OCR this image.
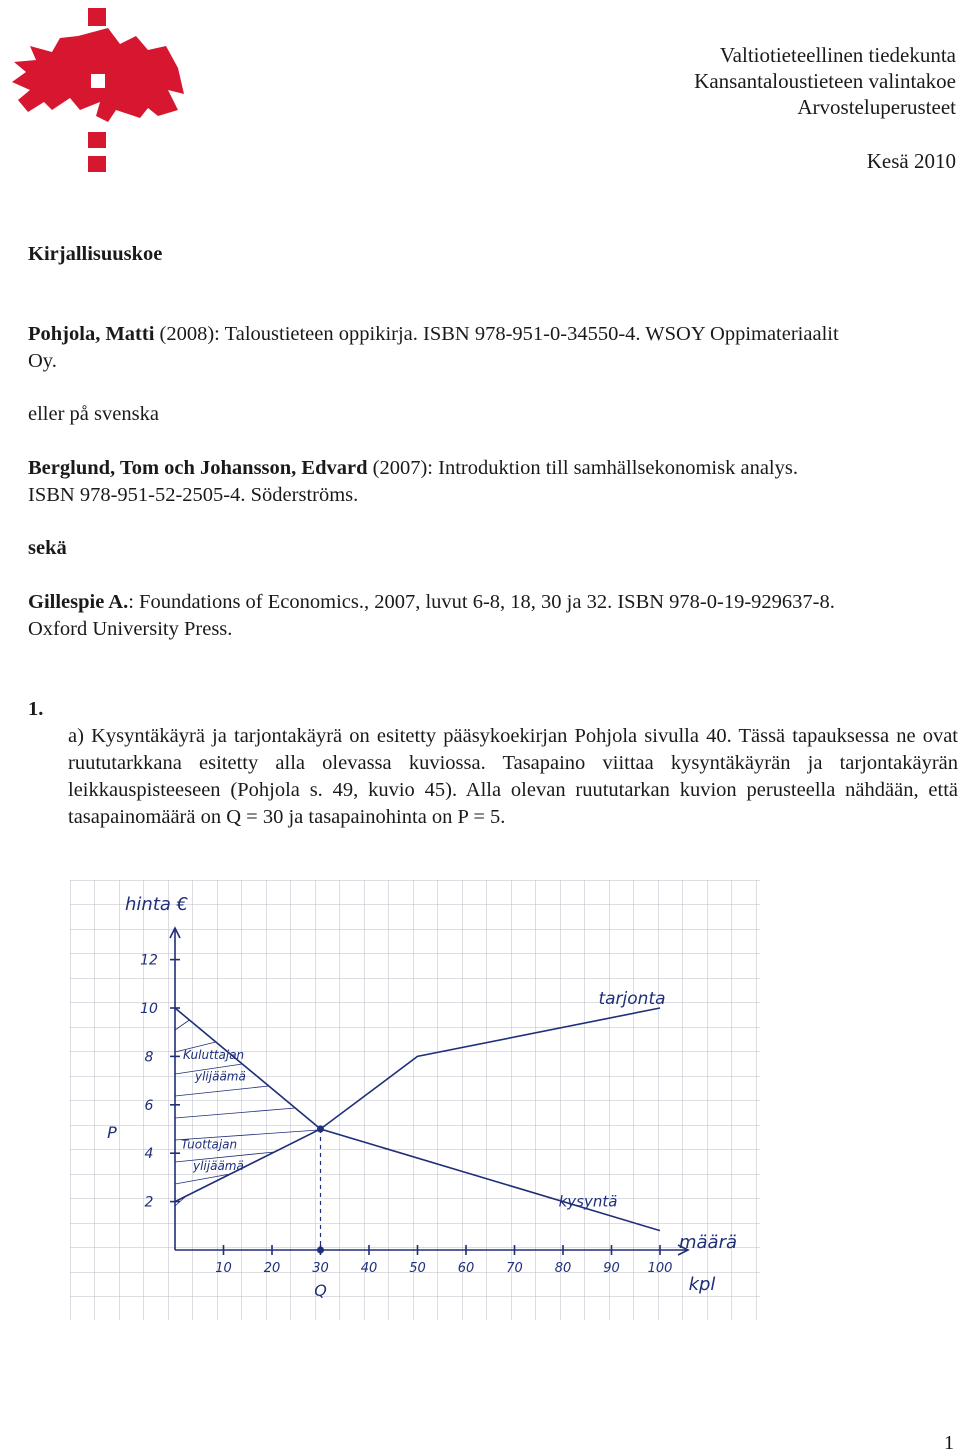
Valtiotieteellinen tiedekunta
Kansantaloustieteen valintakoe
Arvosteluperusteet
Kesä 2010
Kirjallisuuskoe
Pohjola, Matti (2008): Taloustieteen oppikirja. ISBN 978-951-0-34550-4. WSOY Oppimateriaalit
Oy.
eller på svenska
Berglund, Tom och Johansson, Edvard (2007): Introduktion till samhällsekonomisk analys.
ISBN 978-951-52-2505-4. Söderströms.
sekä
Gillespie A.: Foundations of Economics., 2007, luvut 6-8, 18, 30 ja 32. ISBN 978-0-19-929637-8.
Oxford University Press.
1.
a) Kysyntäkäyrä ja tarjontakäyrä on esitetty pääsykoekirjan Pohjola sivulla 40. Tässä tapauksessa ne ovat ruututarkkana esitetty alla olevassa kuviossa. Tasapaino viittaa kysyntäkäyrän ja tarjontakäyrän leikkauspisteeseen (Pohjola s. 49, kuvio 45). Alla olevan ruututarkan kuvion perusteella nähdään, että tasapainomäärä on Q = 30 ja tasapainohinta on P = 5.
2
4
6
8
10
12
10 20 30 40 50 60 70 80 90 100
hinta €
P
Q
määrä
kpl
tarjonta
kysyntä
Kuluttajan
ylijäämä
Tuottajan
ylijäämä
1
